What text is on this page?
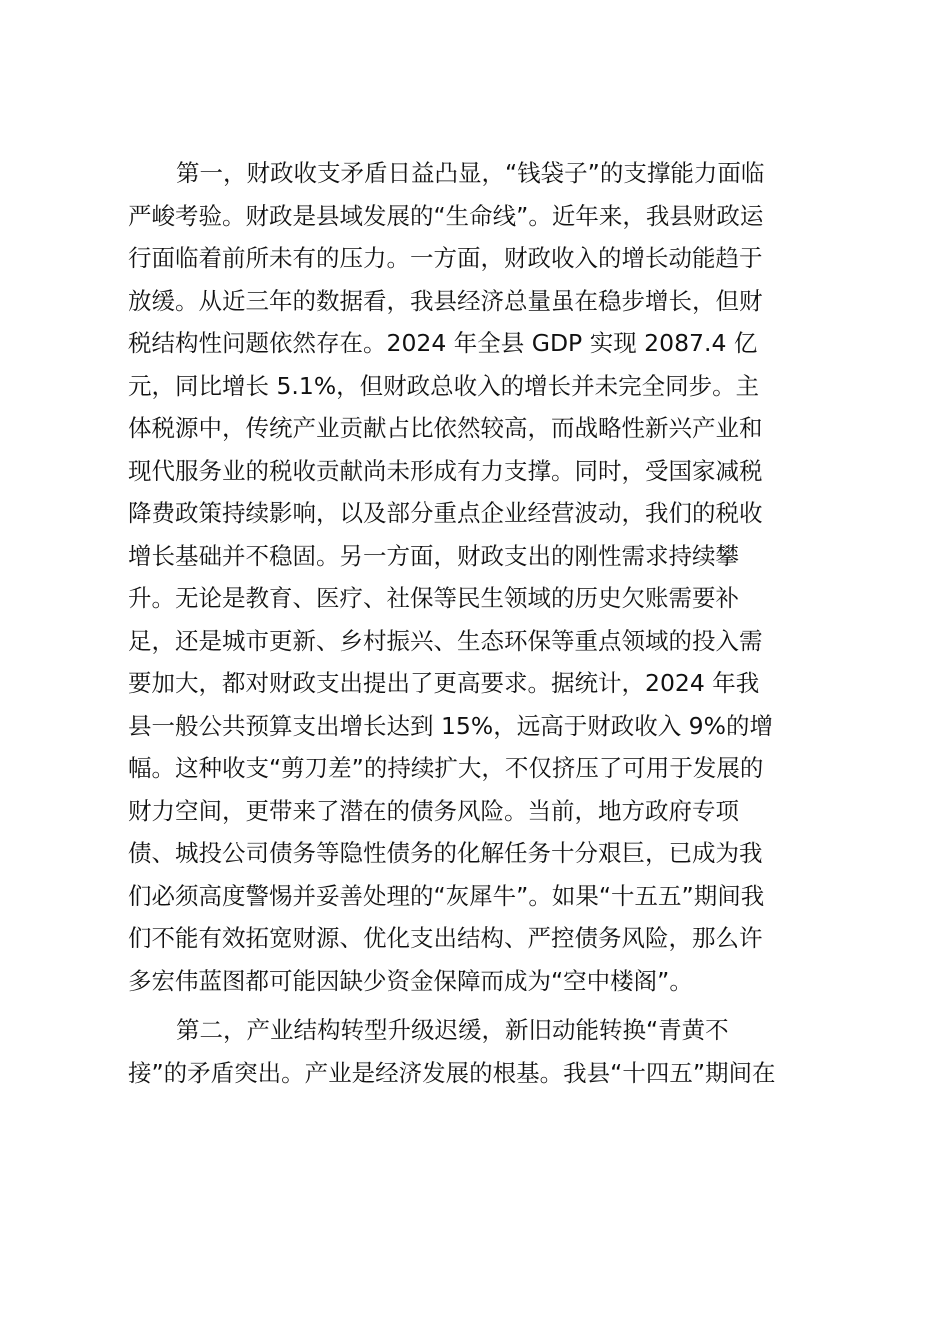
第一，财政收支矛盾日益凸显，“钱袋子”的支撑能力面临
严峻考验。财政是县域发展的“生命线”。近年来，我县财政运
行面临着前所未有的压力。一方面，财政收入的增长动能趋于
放缓。从近三年的数据看，我县经济总量虽在稳步增长，但财
税结构性问题依然存在。2024 年全县 GDP 实现 2087.4 亿
元，同比增长 5.1%，但财政总收入的增长并未完全同步。主
体税源中，传统产业贡献占比依然较高，而战略性新兴产业和
现代服务业的税收贡献尚未形成有力支撑。同时，受国家减税
降费政策持续影响，以及部分重点企业经营波动，我们的税收
增长基础并不稳固。另一方面，财政支出的刚性需求持续攀
升。无论是教育、医疗、社保等民生领域的历史欠账需要补
足，还是城市更新、乡村振兴、生态环保等重点领域的投入需
要加大，都对财政支出提出了更高要求。据统计，2024 年我
县一般公共预算支出增长达到 15%，远高于财政收入 9%的增
幅。这种收支“剪刀差”的持续扩大，不仅挤压了可用于发展的
财力空间，更带来了潜在的债务风险。当前，地方政府专项
债、城投公司债务等隐性债务的化解任务十分艰巨，已成为我
们必须高度警惕并妥善处理的“灰犀牛”。如果“十五五”期间我
们不能有效拓宽财源、优化支出结构、严控债务风险，那么许
多宏伟蓝图都可能因缺少资金保障而成为“空中楼阁”。
第二，产业结构转型升级迟缓，新旧动能转换“青黄不
接”的矛盾突出。产业是经济发展的根基。我县“十四五”期间在
